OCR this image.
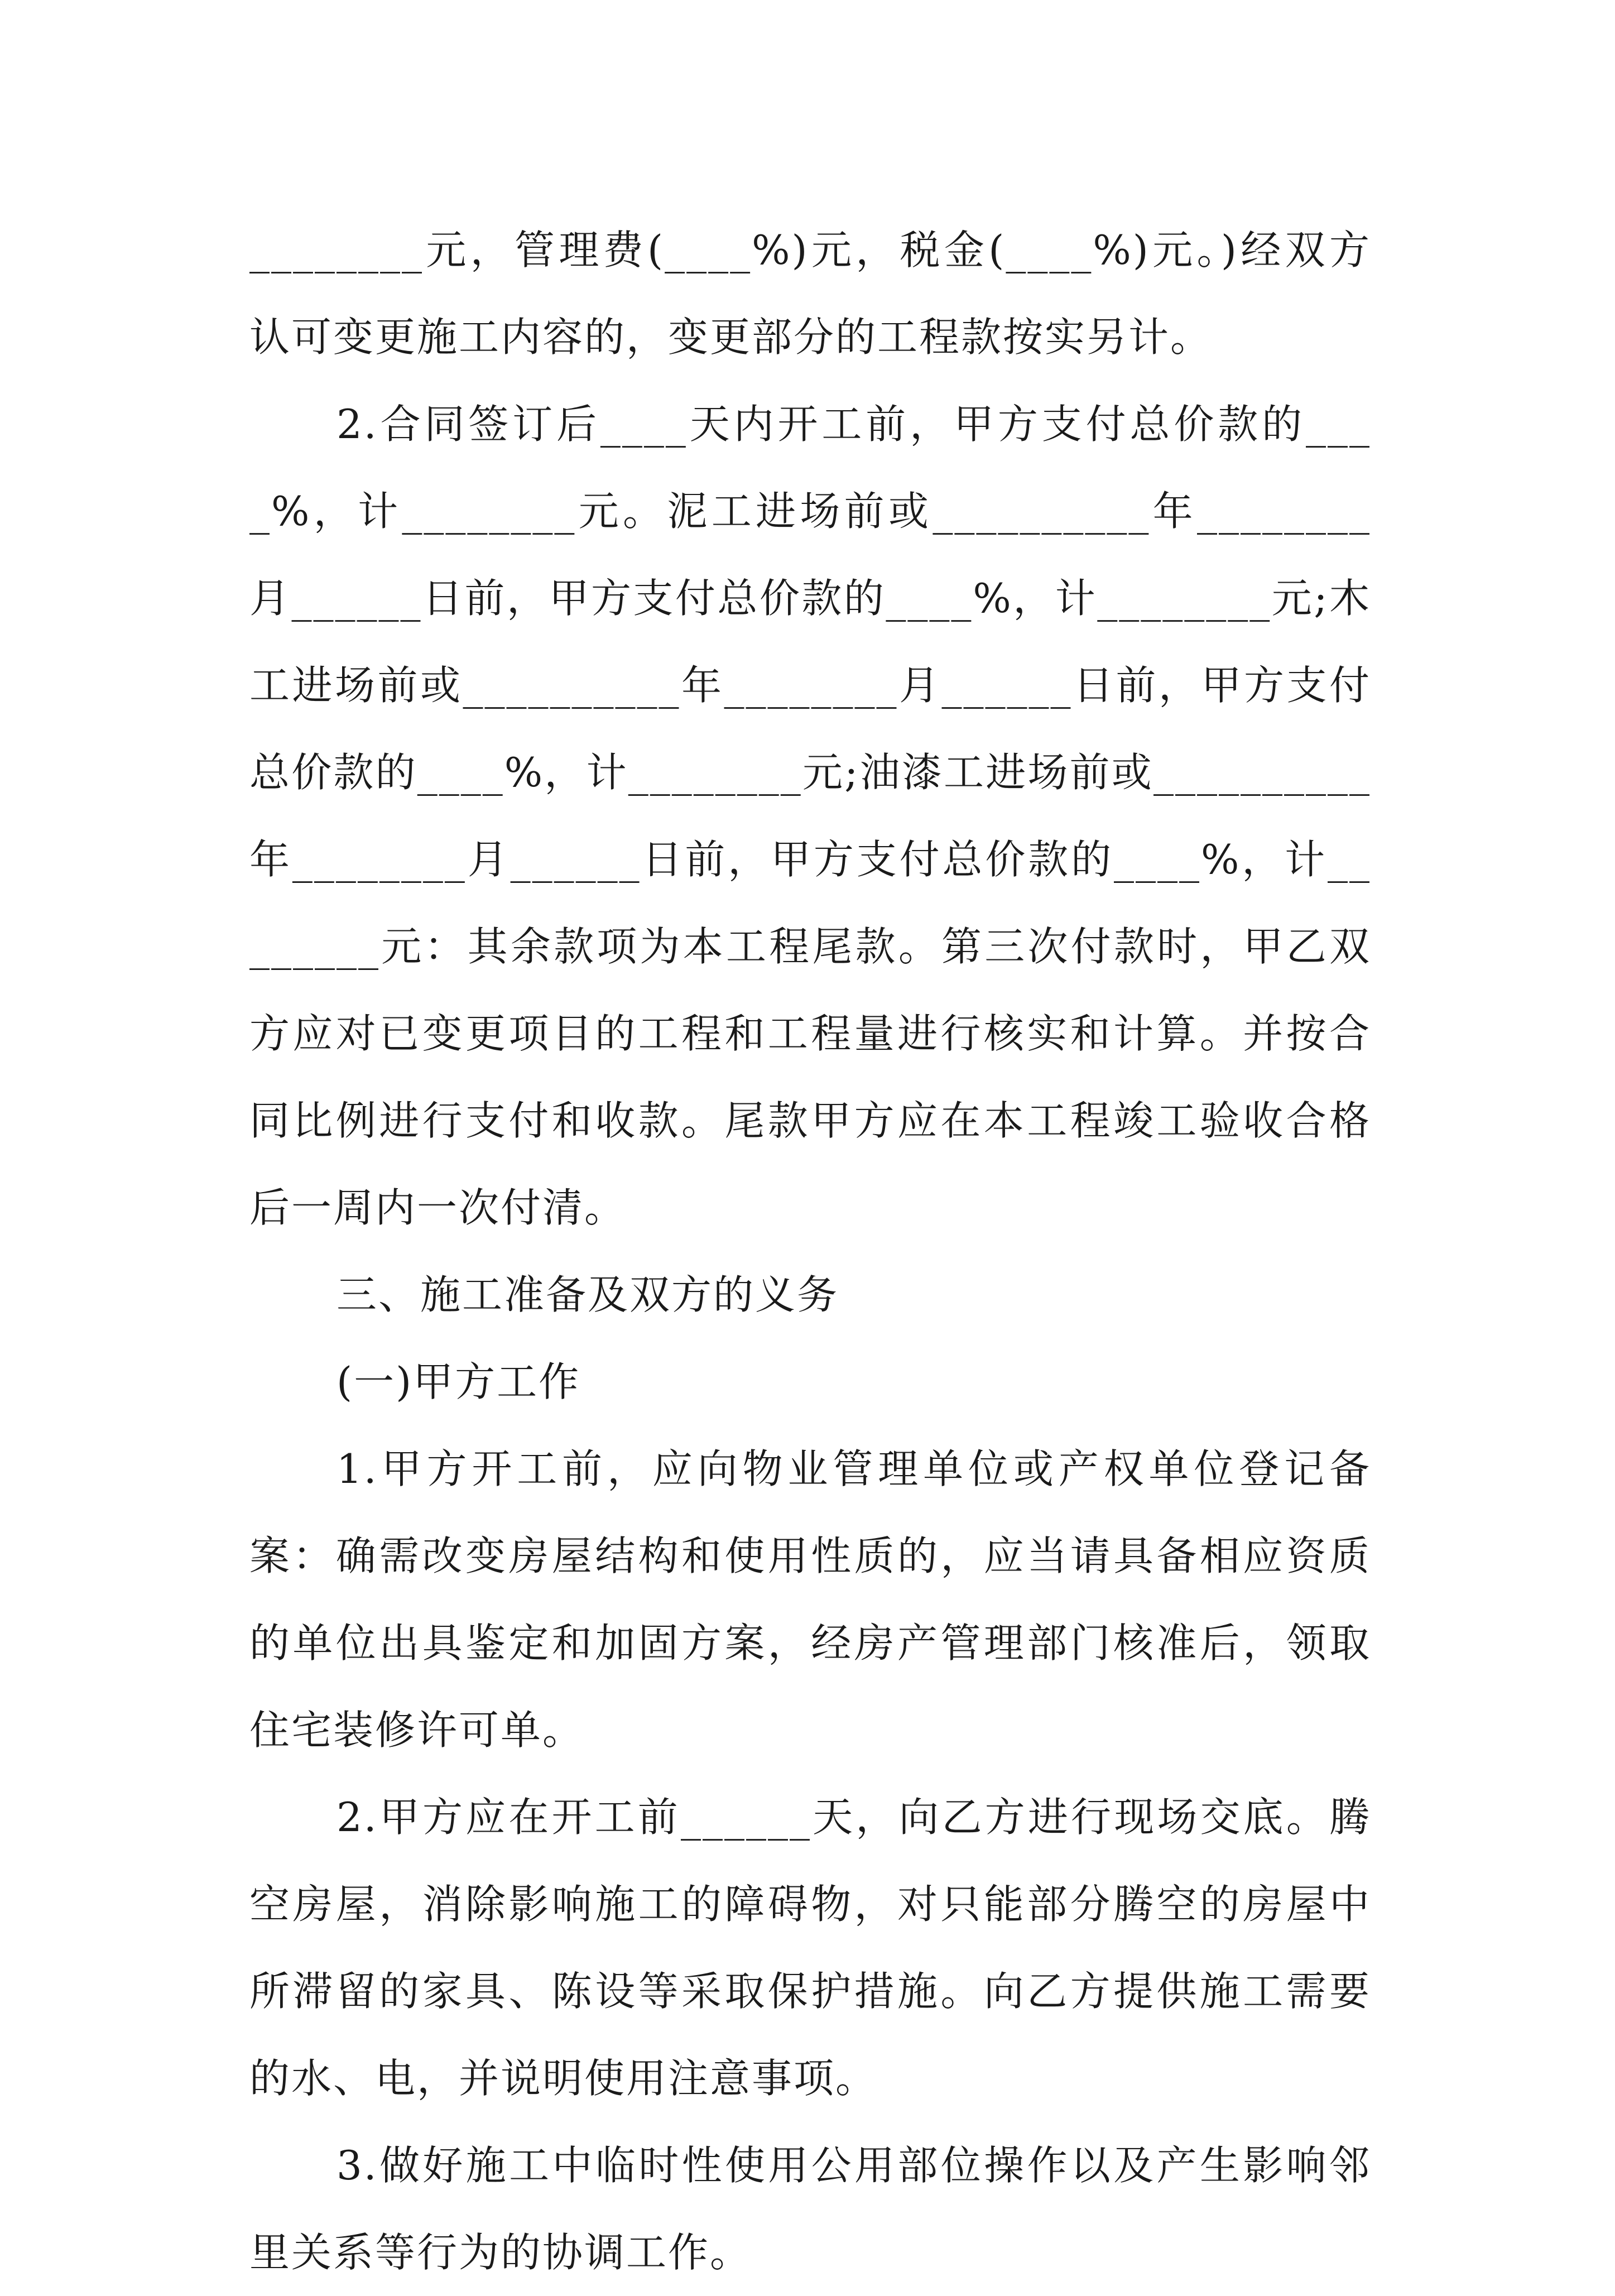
________元，管理费(____%)元，税金(____%)元。)经双方认可变更施工内容的，变更部分的工程款按实另计。

2.合同签订后____天内开工前，甲方支付总价款的____%，计________元。泥工进场前或__________年________月______日前，甲方支付总价款的____%，计________元;木工进场前或__________年________月______日前，甲方支付总价款的____%，计________元;油漆工进场前或__________年________月______日前，甲方支付总价款的____%，计________元：其余款项为本工程尾款。第三次付款时，甲乙双方应对已变更项目的工程和工程量进行核实和计算。并按合同比例进行支付和收款。尾款甲方应在本工程竣工验收合格后一周内一次付清。

三、施工准备及双方的义务

(一)甲方工作

1.甲方开工前，应向物业管理单位或产权单位登记备案：确需改变房屋结构和使用性质的，应当请具备相应资质的单位出具鉴定和加固方案，经房产管理部门核准后，领取住宅装修许可单。

2.甲方应在开工前______天，向乙方进行现场交底。腾空房屋，消除影响施工的障碍物，对只能部分腾空的房屋中所滞留的家具、陈设等采取保护措施。向乙方提供施工需要的水、电，并说明使用注意事项。

3.做好施工中临时性使用公用部位操作以及产生影响邻里关系等行为的协调工作。
